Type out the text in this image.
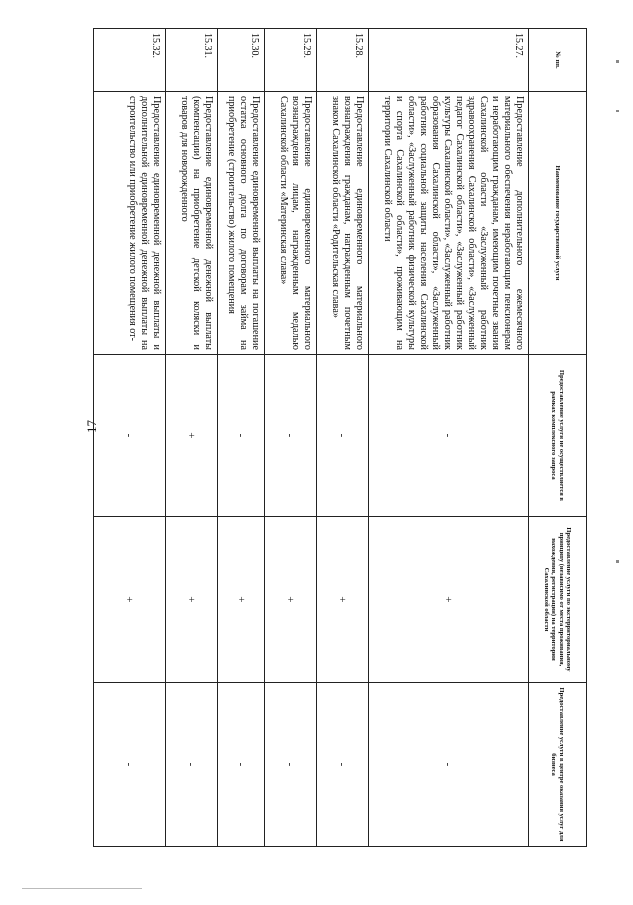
17
№ пп.	Наименование государственной услуги	Предоставление услуги не осуществляется в рамках комплексного запроса	Предоставление услуги по экстерриториальному принципу (независимо от места проживания, нахождения, регистрации) на территории Сахалинской области	Предоставление услуги в центре оказания услуг для бизнеса
15.27.	Предоставление дополнительного ежемесячного материального обеспечения неработающим пенсионерам и неработающим гражданам, имеющим почетные звания Сахалинской области «Заслуженный работник здравоохранения Сахалинской области», «Заслуженный педагог Сахалинской области», «Заслуженный работник культуры Сахалинской области», «Заслуженный работник образования Сахалинской области», «Заслуженный работник социальной защиты населения Сахалинской области», «Заслуженный работник физической культуры и спорта Сахалинской области», проживающим на территории Сахалинской области	-	+	-
15.28.	Предоставление единовременного материального вознаграждения гражданам, награжденным почетным знаком Сахалинской области «Родительская слава»	-	+	-
15.29.	Предоставление единовременного материального вознаграждения лицам, награжденным медалью Сахалинской области «Материнская слава»	-	+	-
15.30.	Предоставление единовременной выплаты на погашение остатка основного долга по договорам займа на приобретение (строительство) жилого помещения	-	+	-
15.31.	Предоставление единовременной денежной выплаты (компенсации) на приобретение детской коляски и товаров для новорожденного	+	+	-
15.32.	Предоставление единовременной денежной выплаты и дополнительной единовременной денежной выплаты на строительство или приобретение жилого помещения от-	-	+	-
